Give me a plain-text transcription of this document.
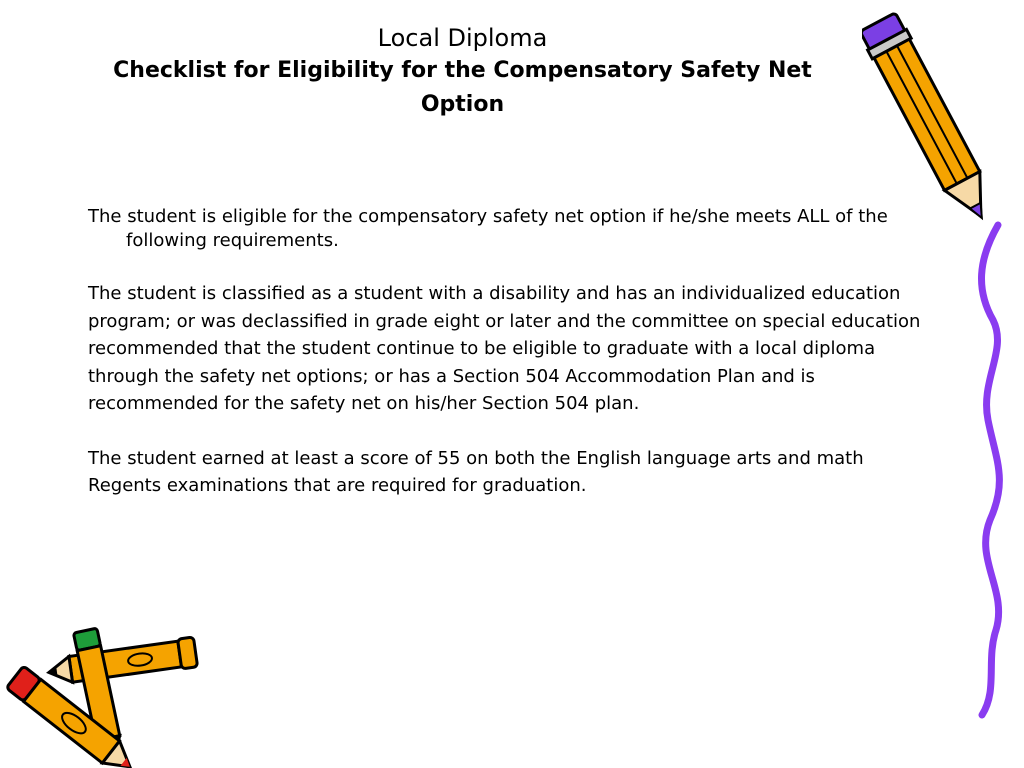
Local Diploma
Checklist for Eligibility for the Compensatory Safety Net Option

The student is eligible for the compensatory safety net option if he/she meets ALL of the following requirements.

The student is classified as a student with a disability and has an individualized education program; or was declassified in grade eight or later and the committee on special education recommended that the student continue to be eligible to graduate with a local diploma through the safety net options; or has a Section 504 Accommodation Plan and is recommended for the safety net on his/her Section 504 plan.

The student earned at least a score of 55 on both the English language arts and math Regents examinations that are required for graduation.
